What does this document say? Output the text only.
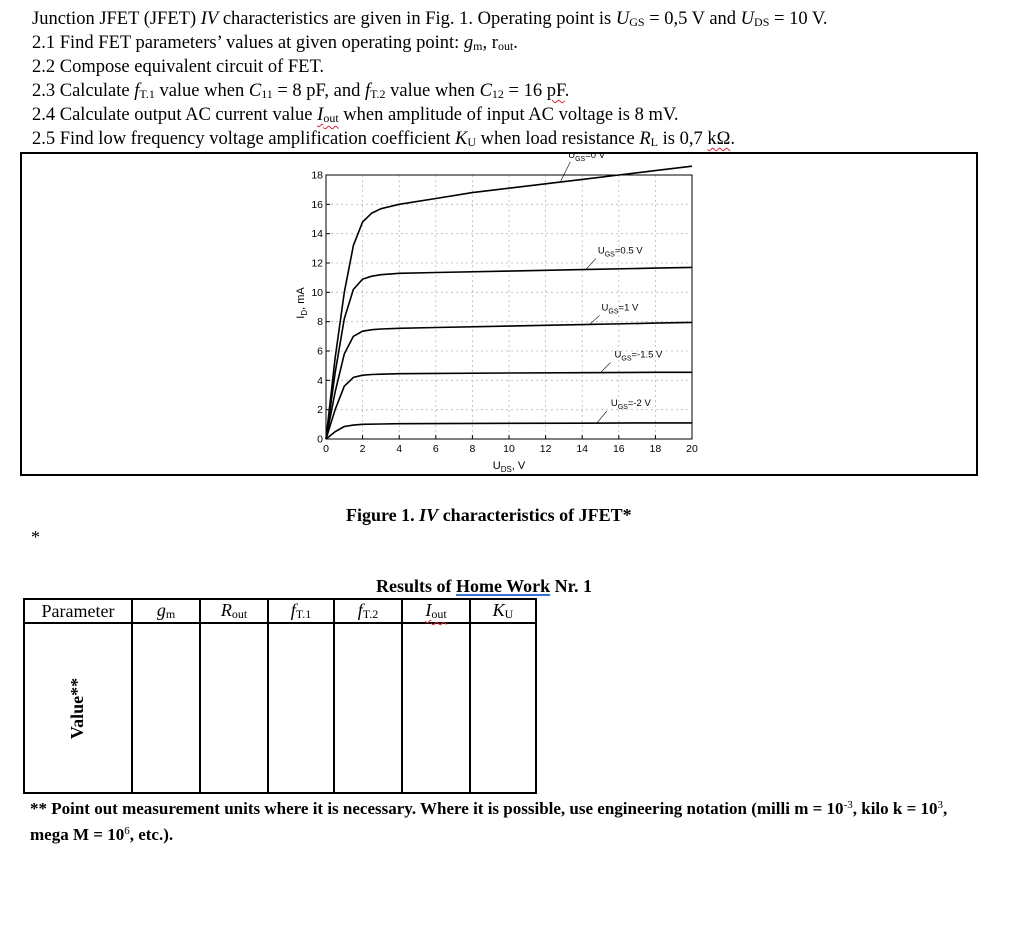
Junction JFET (JFET) IV characteristics are given in Fig. 1. Operating point is UGS = 0,5 V and UDS = 10 V.
2.1 Find FET parameters’ values at given operating point: gm, rout.
2.2 Compose equivalent circuit of FET.
2.3 Calculate fT.1 value when C11 = 8 pF, and fT.2 value when C12 = 16 pF.
2.4 Calculate output AC current value Iout when amplitude of input AC voltage is 8 mV.
2.5 Find low frequency voltage amplification coefficient KU when load resistance RL is 0,7 kΩ.
0	2	4	6	8	10 12 14 16 18 20
0
2
4
6
8
10
12
14
16
18
$U_{DS}$, V
$I_D$, mA
$U_{GS}=0$ V
$U_{GS}=0.5$ V
$U_{GS}=1$ V
$U_{GS}=-1.5$ V
$U_{GS}=-2$ V
Figure 1. IV characteristics of JFET*
*
Results of Home Work Nr. 1
Parameter	gm	Rout	fT.1	fT.2	Iout	KU
Value**						
** Point out measurement units where it is necessary. Where it is possible, use engineering notation (milli $m = 10^{-3}$, kilo $k = 10^3$, mega $M = 10^6$, etc.).
